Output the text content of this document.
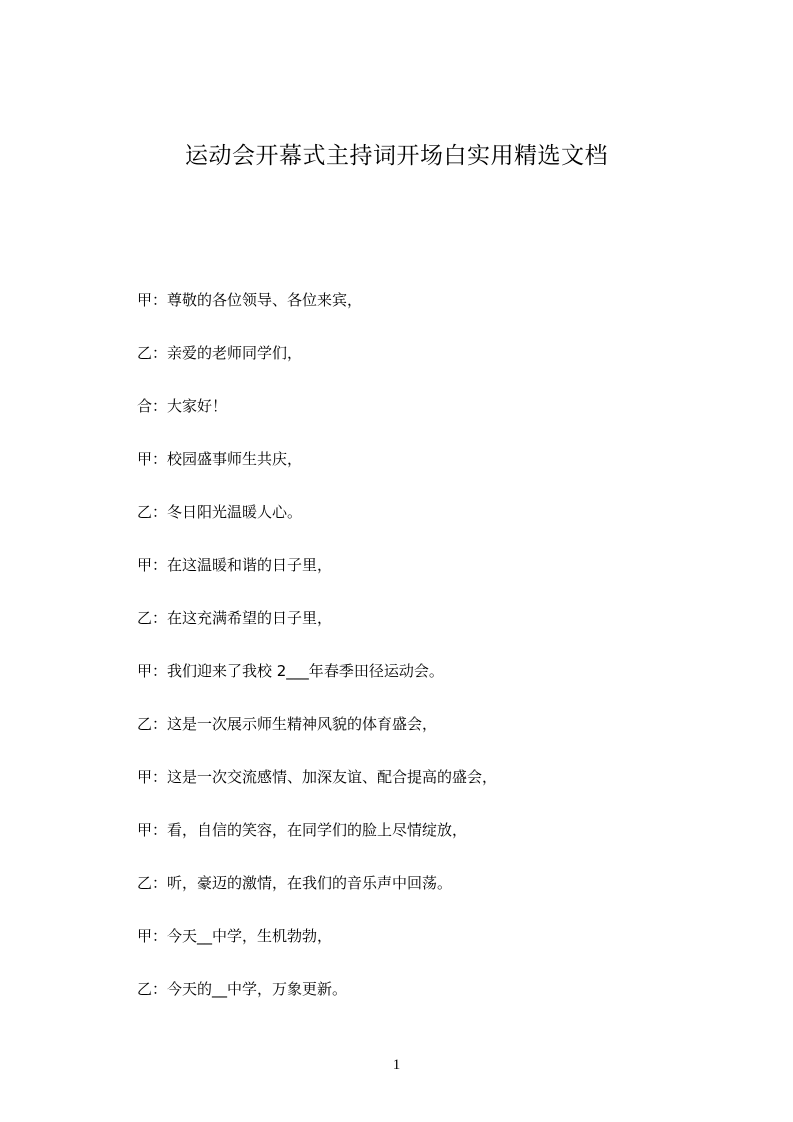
运动会开幕式主持词开场白实用精选文档
甲：尊敬的各位领导、各位来宾，
乙：亲爱的老师同学们，
合：大家好！
甲：校园盛事师生共庆，
乙：冬日阳光温暖人心。
甲：在这温暖和谐的日子里，
乙：在这充满希望的日子里，
甲：我们迎来了我校 2___年春季田径运动会。
乙：这是一次展示师生精神风貌的体育盛会，
甲：这是一次交流感情、加深友谊、配合提高的盛会，
甲：看，自信的笑容，在同学们的脸上尽情绽放，
乙：听，豪迈的激情，在我们的音乐声中回荡。
甲：今天__中学，生机勃勃，
乙：今天的__中学，万象更新。
1
